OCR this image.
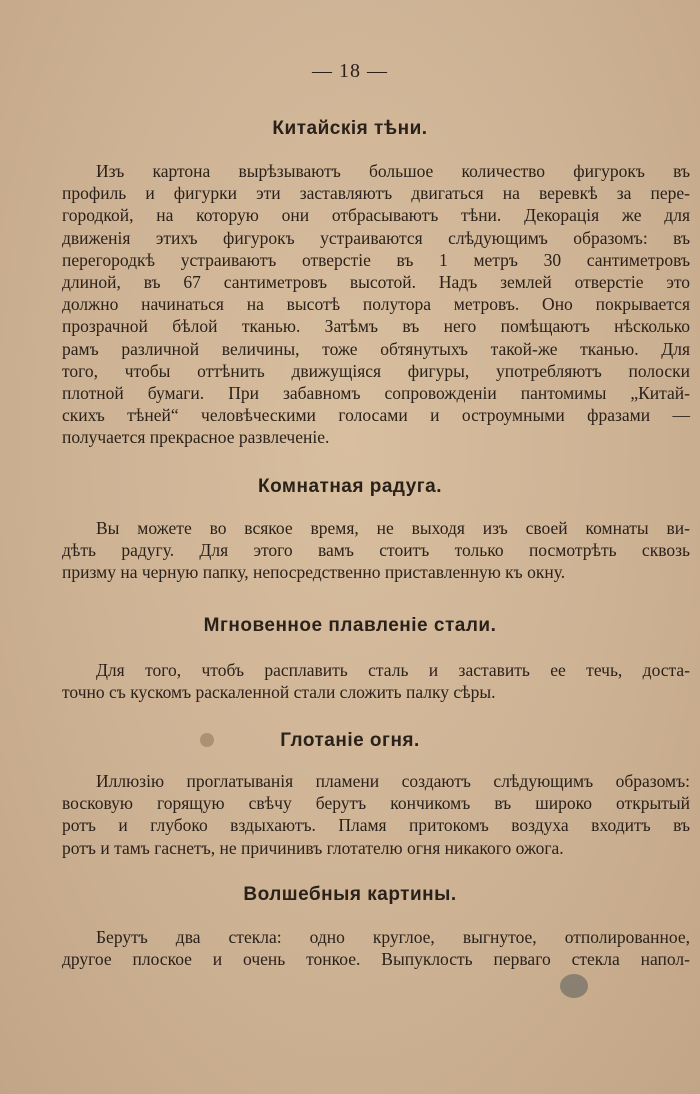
— 18 —
Китайскія тѣни.
Изъ картона вырѣзываютъ большое количество фигурокъ въ
профиль и фигурки эти заставляютъ двигаться на веревкѣ за пере-
городкой, на которую они отбрасываютъ тѣни. Декорація же для
движенія этихъ фигурокъ устраиваются слѣдующимъ образомъ: въ
перегородкѣ устраиваютъ отверстіе въ 1 метръ 30 сантиметровъ
длиной, въ 67 сантиметровъ высотой. Надъ землей отверстіе это
должно начинаться на высотѣ полутора метровъ. Оно покрывается
прозрачной бѣлой тканью. Затѣмъ въ него помѣщаютъ нѣсколько
рамъ различной величины, тоже обтянутыхъ такой-же тканью. Для
того, чтобы оттѣнить движущіяся фигуры, употребляютъ полоски
плотной бумаги. При забавномъ сопровожденіи пантомимы „Китай-
скихъ тѣней“ человѣческими голосами и остроумными фразами —
получается прекрасное развлеченіе.
Комнатная радуга.
Вы можете во всякое время, не выходя изъ своей комнаты ви-
дѣть радугу. Для этого вамъ стоитъ только посмотрѣть сквозь
призму на черную папку, непосредственно приставленную къ окну.
Мгновенное плавленіе стали.
Для того, чтобъ расплавить сталь и заставить ее течь, доста-
точно съ кускомъ раскаленной стали сложить палку сѣры.
Глотаніе огня.
Иллюзію проглатыванія пламени создаютъ слѣдующимъ образомъ:
восковую горящую свѣчу берутъ кончикомъ въ широко открытый
ротъ и глубоко вздыхаютъ. Пламя притокомъ воздуха входитъ въ
ротъ и тамъ гаснетъ, не причинивъ глотателю огня никакого ожога.
Волшебныя картины.
Берутъ два стекла: одно круглое, выгнутое, отполированное,
другое плоское и очень тонкое. Выпуклость перваго стекла напол-
